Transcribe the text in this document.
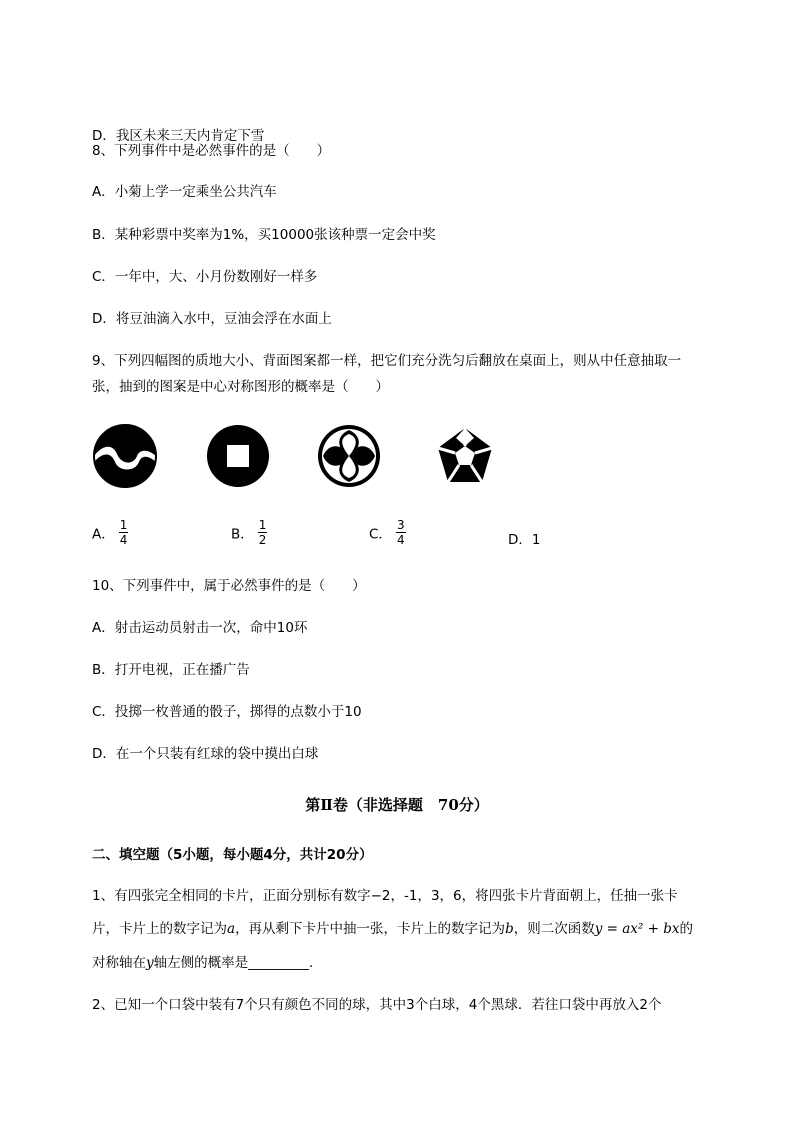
D．我区未来三天内肯定下雪
8、下列事件中是必然事件的是（　　）
A．小菊上学一定乘坐公共汽车
B．某种彩票中奖率为1%，买10000张该种票一定会中奖
C．一年中，大、小月份数刚好一样多
D．将豆油滴入水中，豆油会浮在水面上
9、下列四幅图的质地大小、背面图案都一样，把它们充分洗匀后翻放在桌面上，则从中任意抽取一
张，抽到的图案是中心对称图形的概率是（　　）
A． $\frac{1}{4}$	B． $\frac{1}{2}$	C． $\frac{3}{4}$	D．1
10、下列事件中，属于必然事件的是（　　）
A．射击运动员射击一次，命中10环
B．打开电视，正在播广告
C．投掷一枚普通的骰子，掷得的点数小于10
D．在一个只装有红球的袋中摸出白球
第Ⅱ卷（非选择题　70分）
二、填空题（5小题，每小题4分，共计20分）
1、有四张完全相同的卡片，正面分别标有数字−2，-1，3，6，将四张卡片背面朝上，任抽一张卡
片，卡片上的数字记为a，再从剩下卡片中抽一张，卡片上的数字记为b，则二次函数y = ax² + bx的
对称轴在y轴左侧的概率是_________.
2、已知一个口袋中装有7个只有颜色不同的球，其中3个白球，4个黑球．若往口袋中再放入2个
